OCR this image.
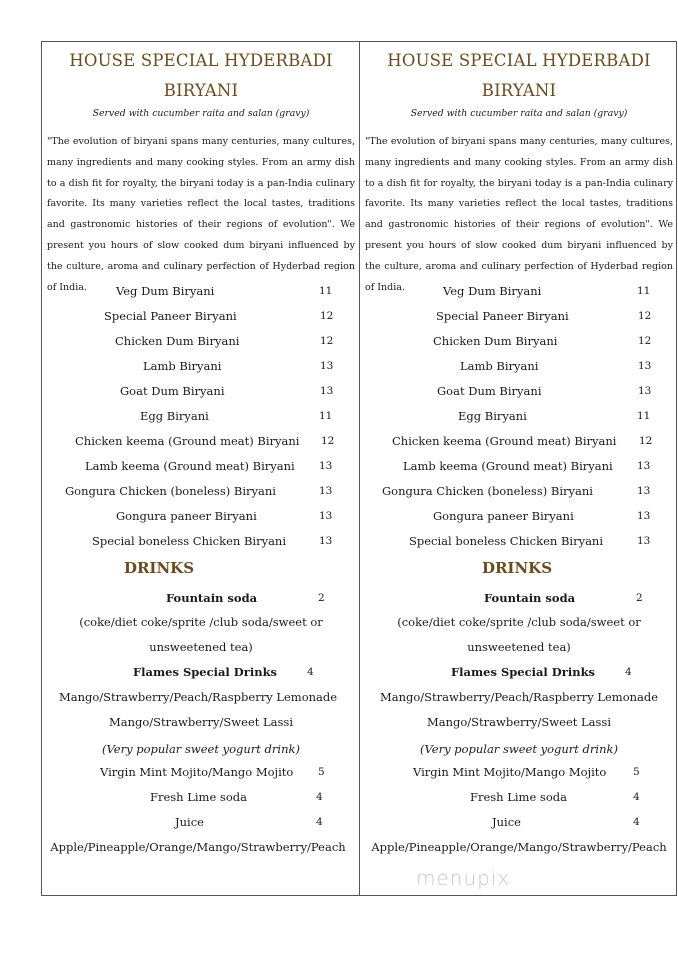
HOUSE SPECIAL HYDERBADI
BIRYANI
Served with cucumber raita and salan (gravy)
"The evolution of biryani spans many centuries, many cultures, many ingredients and many cooking styles. From an army dish to a dish fit for royalty, the biryani today is a pan-India culinary favorite. Its many varieties reflect the local tastes, traditions and gastronomic histories of their regions of evolution". We present you hours of slow cooked dum biryani influenced by the culture, aroma and culinary perfection of Hyderbad region of India.	Veg Dum Biryani	11
Special Paneer Biryani	12
Chicken Dum Biryani	12
Lamb Biryani	13
Goat Dum Biryani	13
Egg Biryani	11
Chicken keema (Ground meat) Biryani 12
Lamb keema (Ground meat) Biryani 13
Gongura Chicken (boneless) Biryani	13
Gongura paneer Biryani	13
Special boneless Chicken Biryani	13
DRINKS
Fountain soda	2
(coke/diet coke/sprite /club soda/sweet or
unsweetened tea)
Flames Special Drinks	4
Mango/Strawberry/Peach/Raspberry Lemonade
Mango/Strawberry/Sweet Lassi
(Very popular sweet yogurt drink)
Virgin Mint Mojito/Mango Mojito 5
Fresh Lime soda	4
Juice	4
Apple/Pineapple/Orange/Mango/Strawberry/Peach
HOUSE SPECIAL HYDERBADI
BIRYANI
Served with cucumber raita and salan (gravy)
"The evolution of biryani spans many centuries, many cultures, many ingredients and many cooking styles. From an army dish to a dish fit for royalty, the biryani today is a pan-India culinary favorite. Its many varieties reflect the local tastes, traditions and gastronomic histories of their regions of evolution". We present you hours of slow cooked dum biryani influenced by the culture, aroma and culinary perfection of Hyderbad region of India.	Veg Dum Biryani	11
Special Paneer Biryani	12
Chicken Dum Biryani	12
Lamb Biryani	13
Goat Dum Biryani	13
Egg Biryani	11
Chicken keema (Ground meat) Biryani 12
Lamb keema (Ground meat) Biryani 13
Gongura Chicken (boneless) Biryani	13
Gongura paneer Biryani	13
Special boneless Chicken Biryani	13
DRINKS
Fountain soda	2
(coke/diet coke/sprite /club soda/sweet or
unsweetened tea)
Flames Special Drinks	4
Mango/Strawberry/Peach/Raspberry Lemonade
Mango/Strawberry/Sweet Lassi
(Very popular sweet yogurt drink)
Virgin Mint Mojito/Mango Mojito	5
Fresh Lime soda	4
Juice	4
Apple/Pineapple/Orange/Mango/Strawberry/Peach
menupix
